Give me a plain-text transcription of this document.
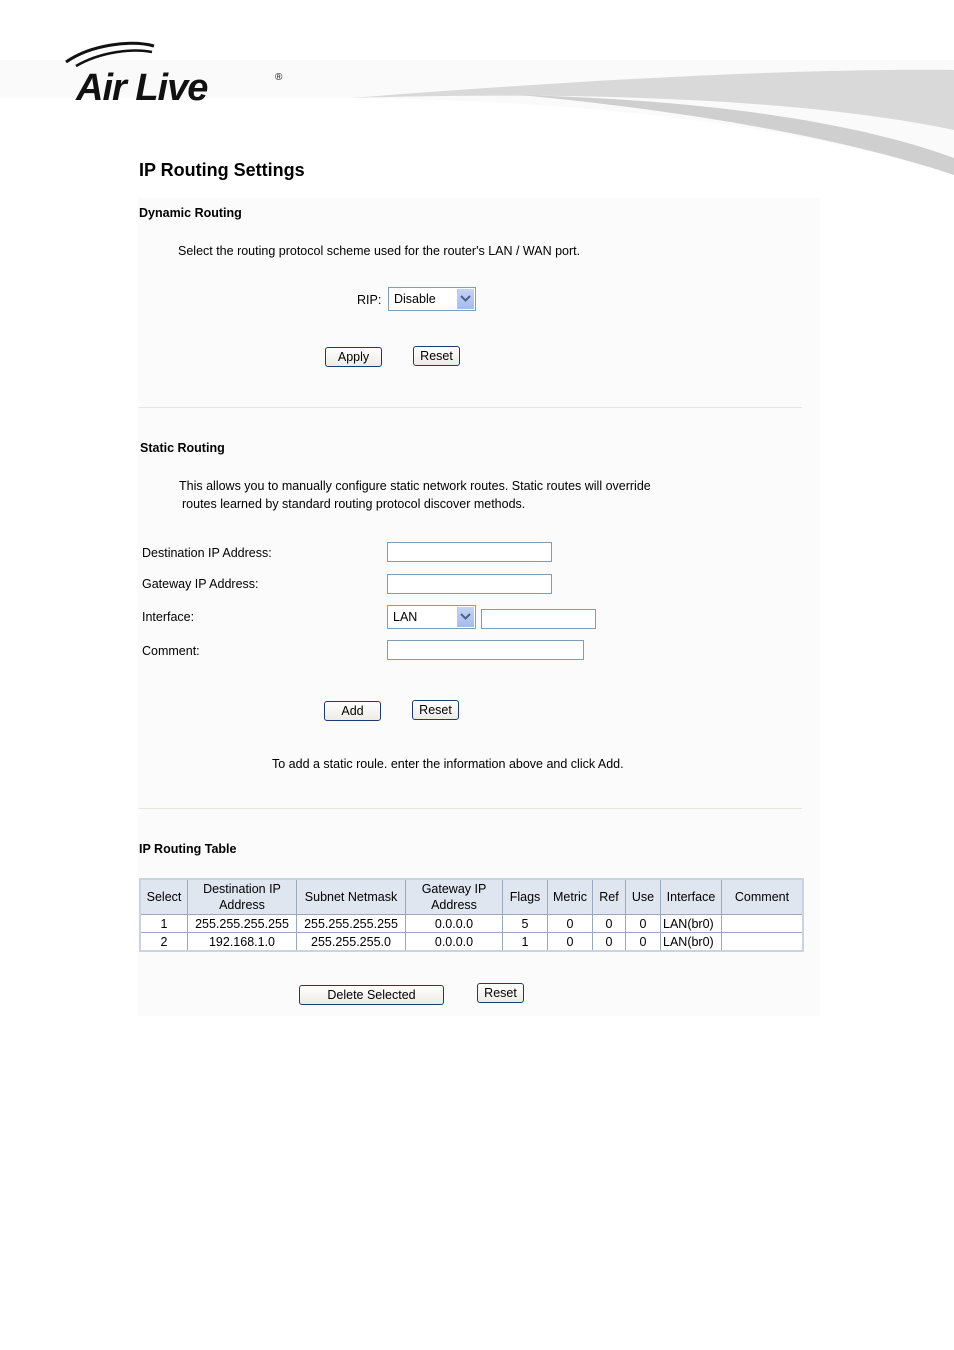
Air Live	®
IP Routing Settings
Dynamic Routing
Select the routing protocol scheme used for the router's LAN / WAN port.
RIP: Disable
Apply	Reset
Static Routing
This allows you to manually configure static network routes. Static routes will override
routes learned by standard routing protocol discover methods.
Destination IP Address:
Gateway IP Address:
Interface:	LAN
Comment:
Add	Reset
To add a static roule. enter the information above and click Add.
IP Routing Table
Select	Destination IP Address	Subnet Netmask	Gateway IP Address	Flags	Metric	Ref	Use	Interface	Comment
1	255.255.255.255	255.255.255.255	0.0.0.0	5	0	0	0	LAN(br0)	
2	192.168.1.0	255.255.255.0	0.0.0.0	1	0	0	0	LAN(br0)	
Delete Selected	Reset
